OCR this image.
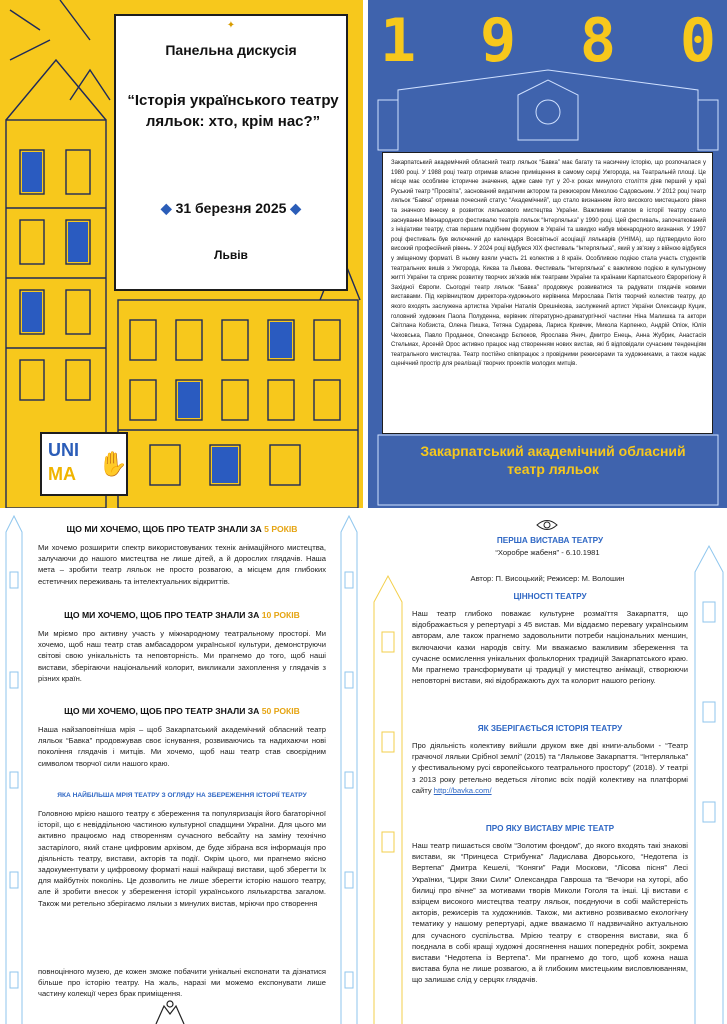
✦
Панельна дискусія
“Історія українського театру ляльок: хто, крім нас?”
◆ 31 березня 2025 ◆
Львів
UNI
MA ✋
1 9 8 0

Закарпатський академічний обласний театр ляльок “Бавка” має багату та насичену історію, що розпочалася у 1980 році. У 1988 році театр отримав власне приміщення в самому серці Ужгорода, на Театральній площі. Це місце має особливе історичне значення, адже саме тут у 20-х роках минулого століття діяв перший у краї Руський театр “Просвіта”, заснований видатним актором та режисером Миколою Садовським. У 2012 році театр ляльок “Бавка” отримав почесний статус “Академічний”, що стало визнанням його високого мистецького рівня та значного внеску в розвиток лялькового мистецтва України. Важливим етапом в історії театру стало заснування Міжнародного фестивалю театрів ляльок “Інтерлялька” у 1990 році. Цей фестиваль, започаткований з ініціативи театру, став першим подібним форумом в Україні та швидко набув міжнародного визнання. У 1997 році фестиваль був включений до календаря Всесвітньої асоціації лялькарів (УНІМА), що підтвердило його високий професійний рівень. У 2024 році відбувся XIX фестиваль “Інтерлялька”, який у зв'язку з війною відбувся у зміщеному форматі. В ньому взяли участь 21 колектив з 8 країн. Особливою подією стала участь студентів театральних вишів з Ужгорода, Києва та Львова. Фестиваль “Інтерлялька” є важливою подією в культурному житті України та сприяє розвитку творчих зв'язків між театрами України та країнами Карпатського Єврорегіону й Західної Європи. Сьогодні театр ляльок “Бавка” продовжує розвиватися та радувати глядачів новими виставами. Під керівництвом директора-художнього керівника Мирослава Петія творчий колектив театру, до якого входять заслужена артистка України Наталія Орешнікова, заслужений артист України Олександр Куцик, головний художник Паола Полуденна, керівник літературно-драматургічної частини Ніна Малишка та актори Світлана Кобзиста, Олена Пишка, Тетяна Сударева, Лариса Кривчик, Микола Карпенко, Андрій Опіок, Юлія Чеховська, Павло Проданюк, Олександр Бєлюков, Ярослава Янич, Дмитро Енець, Анна Жубрик, Анастасія Стельмах, Арсеній Орос активно працює над створенням нових вистав, які б відповідали сучасним тенденціям театрального мистецтва. Театр постійно співпрацює з провідними режисерами та художниками, а також надає сценічний простір для реалізації творчих проектів молодих митців.

Закарпатський академічний обласний театр ляльок
ЩО МИ ХОЧЕМО, ЩОБ ПРО ТЕАТР ЗНАЛИ ЗА 5 РОКІВ

Ми хочемо розширити спектр використовуваних технік анімаційного мистецтва, залучаючи до нашого мистецтва не лише дітей, а й дорослих глядачів. Наша мета – зробити театр ляльок не просто розвагою, а місцем для глибоких естетичних переживань та інтелектуальних відкриттів.

ЩО МИ ХОЧЕМО, ЩОБ ПРО ТЕАТР ЗНАЛИ ЗА 10 РОКІВ

Ми мріємо про активну участь у міжнародному театральному просторі. Ми хочемо, щоб наш театр став амбасадором української культури, демонструючи світові свою унікальність та неповторність. Ми прагнемо до того, щоб наші вистави, зберігаючи національний колорит, викликали захоплення у глядачів з різних країн.

ЩО МИ ХОЧЕМО, ЩОБ ПРО ТЕАТР ЗНАЛИ ЗА 50 РОКІВ

Наша найзаповітніша мрія – щоб Закарпатський академічний обласний театр ляльок “Бавка” продовжував своє існування, розвиваючись та надихаючи нові покоління глядачів і митців. Ми хочемо, щоб наш театр став своєрідним символом творчої сили нашого краю.

ЯКА НАЙБІЛЬША МРІЯ ТЕАТРУ З ОГЛЯДУ НА ЗБЕРЕЖЕННЯ ІСТОРІЇ ТЕАТРУ

Головною мрією нашого театру є збереження та популяризація його багаторічної історії, що є невіддільною частиною культурної спадщини України. Для цього ми активно працюємо над створенням сучасного вебсайту на заміну технічно застарілого, який стане цифровим архівом, де буде зібрана вся інформація про діяльність театру, вистави, акторів та події. Окрім цього, ми прагнемо якісно задокументувати у цифровому форматі наші найкращі вистави, щоб зберегти їх для майбутніх поколінь. Це дозволить не лише зберегти історію нашого театру, але й зробити внесок у збереження історії українського лялькарства загалом. Також ми ретельно зберігаємо ляльки з минулих вистав, мріючи про створення

повноцінного музею, де кожен зможе побачити унікальні експонати та дізнатися більше про історію театру. На жаль, наразі ми можемо експонувати лише частину колекції через брак приміщення.

ПЕРША ВИСТАВА ТЕАТРУ
“Хоробре жабеня” - 6.10.1981
Автор: П. Висоцький; Режисер: М. Волошин
ЦІННОСТІ ТЕАТРУ

Наш театр глибоко поважає культурне розмаїття Закарпаття, що відображається у репертуарі з 45 вистав. Ми віддаємо перевагу українським авторам, але також прагнемо задовольнити потреби національних меншин, включаючи казки народів світу. Ми вважаємо важливим збереження та сучасне осмислення унікальних фольклорних традицій Закарпатського краю. Ми прагнемо трансформувати ці традиції у мистецтво анімації, створюючи неповторні вистави, які відображають дух та колорит нашого регіону.

ЯК ЗБЕРІГАЄТЬСЯ ІСТОРІЯ ТЕАТРУ

Про діяльність колективу вийшли друком вже дві книги-альбоми - “Театр грачючої ляльки Срібної землі” (2015) та “Лялькове Закарпаття. “Інтерлялька” у фестивальному русі європейського театрального простору” (2018). У театрі з 2013 року ретельно ведеться літопис всіх подій колективу на платформі сайту http://bavka.com/

ПРО ЯКУ ВИСТАВУ МРІЄ ТЕАТР

Наш театр пишається своїм “Золотим фондом”, до якого входять такі знакові вистави, як “Принцеса Стрибунка” Ладислава Дворського, “Недотепа із Вертепа” Дмитра Кешелі, “Коняги” Ради Москови, “Лісова пісня” Лесі Українки, “Цирк Зяки Сили” Олександра Гавроша та “Вечори на хуторі, або билиці про вічне” за мотивами творів Миколи Гоголя та інші. Ці вистави є взірцем високого мистецтва театру ляльок, поєднуючи в собі майстерність акторів, режисерів та художників. Також, ми активно розвиваємо екологічну тематику у нашому репертуарі, адже вважаємо її надзвичайно актуальною для сучасного суспільства. Мрією театру є створення вистави, яка б поєднала в собі кращі художні досягнення наших попередніх робіт, зокрема вистави “Недотепа із Вертепа”. Ми прагнемо до того, щоб кожна наша вистава була не лише розвагою, а й глибоким мистецьким висловлюванням, що залишає слід у серцях глядачів.
